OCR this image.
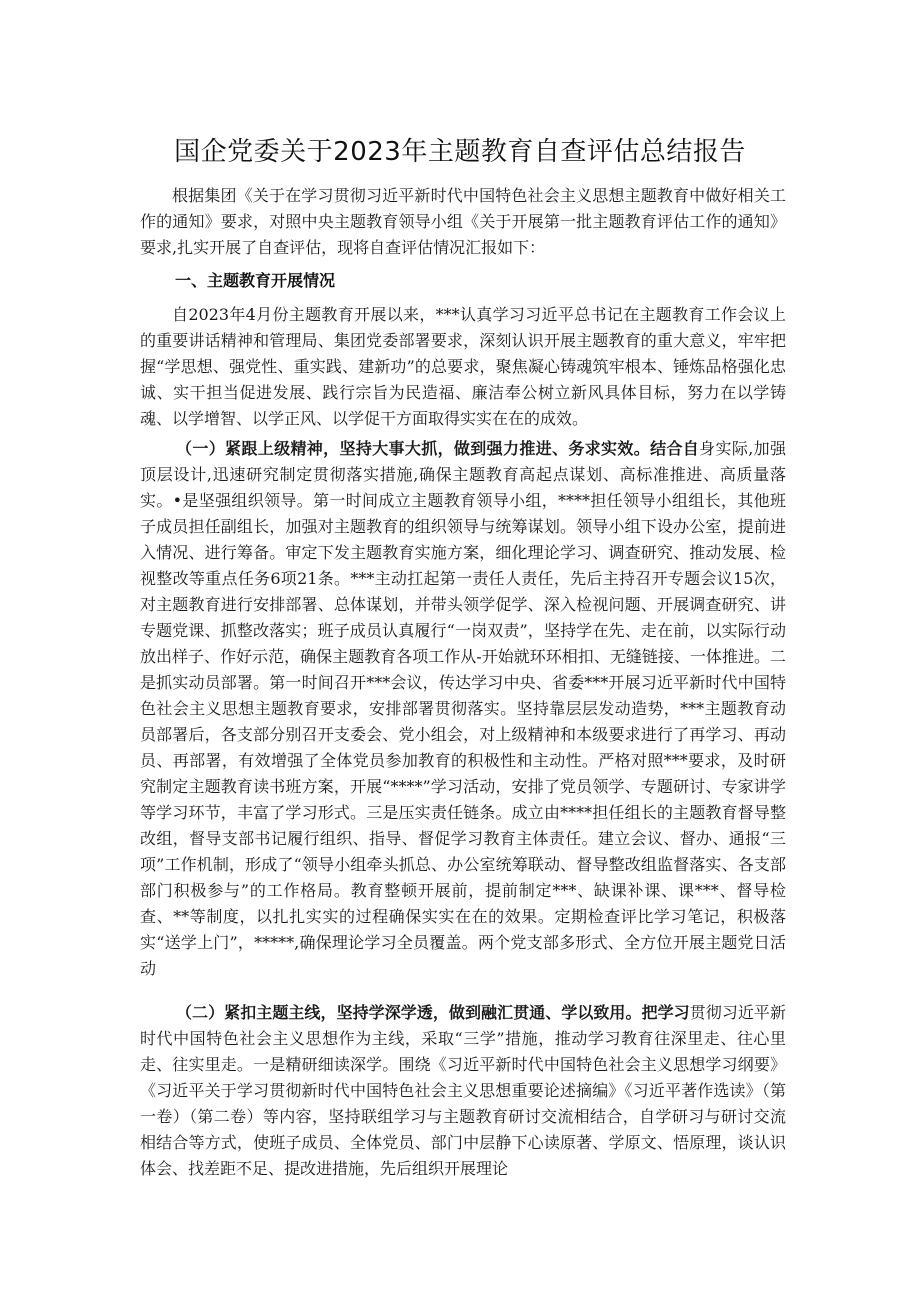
国企党委关于2023年主题教育自查评估总结报告

根据集团《关于在学习贯彻习近平新时代中国特色社会主义思想主题教育中做好相关工作的通知》要求，对照中央主题教育领导小组《关于开展第一批主题教育评估工作的通知》要求,扎实开展了自查评估，现将自查评估情况汇报如下：

一、主题教育开展情况

自2023年4月份主题教育开展以来，***认真学习习近平总书记在主题教育工作会议上的重要讲话精神和管理局、集团党委部署要求，深刻认识开展主题教育的重大意义，牢牢把握“学思想、强党性、重实践、建新功”的总要求，聚焦凝心铸魂筑牢根本、锤炼品格强化忠诚、实干担当促进发展、践行宗旨为民造福、廉洁奉公树立新风具体目标，努力在以学铸魂、以学增智、以学正风、以学促干方面取得实实在在的成效。

（一）紧跟上级精神，坚持大事大抓，做到强力推进、务求实效。结合自身实际,加强顶层设计,迅速研究制定贯彻落实措施,确保主题教育高起点谋划、高标准推进、高质量落实。•是坚强组织领导。第一时间成立主题教育领导小组，****担任领导小组组长，其他班子成员担任副组长，加强对主题教育的组织领导与统筹谋划。领导小组下设办公室，提前进入情况、进行筹备。审定下发主题教育实施方案，细化理论学习、调查研究、推动发展、检视整改等重点任务6项21条。***主动扛起第一责任人责任，先后主持召开专题会议15次，对主题教育进行安排部署、总体谋划，并带头领学促学、深入检视问题、开展调查研究、讲专题党课、抓整改落实；班子成员认真履行“一岗双责”，坚持学在先、走在前，以实际行动放出样子、作好示范，确保主题教育各项工作从-开始就环环相扣、无缝链接、一体推进。二是抓实动员部署。第一时间召开***会议，传达学习中央、省委***开展习近平新时代中国特色社会主义思想主题教育要求，安排部署贯彻落实。坚持靠层层发动造势，***主题教育动员部署后，各支部分别召开支委会、党小组会，对上级精神和本级要求进行了再学习、再动员、再部署，有效增强了全体党员参加教育的积极性和主动性。严格对照***要求，及时研究制定主题教育读书班方案，开展“****”学习活动，安排了党员领学、专题研讨、专家讲学等学习环节，丰富了学习形式。三是压实责任链条。成立由****担任组长的主题教育督导整改组，督导支部书记履行组织、指导、督促学习教育主体责任。建立会议、督办、通报“三项”工作机制，形成了“领导小组牵头抓总、办公室统筹联动、督导整改组监督落实、各支部部门积极参与”的工作格局。教育整顿开展前，提前制定***、缺课补课、课***、督导检查、**等制度，以扎扎实实的过程确保实实在在的效果。定期检查评比学习笔记，积极落实“送学上门”，*****,确保理论学习全员覆盖。两个党支部多形式、全方位开展主题党日活动

（二）紧扣主题主线，坚持学深学透，做到融汇贯通、学以致用。把学习贯彻习近平新时代中国特色社会主义思想作为主线，采取“三学”措施，推动学习教育往深里走、往心里走、往实里走。一是精研细读深学。围绕《习近平新时代中国特色社会主义思想学习纲要》《习近平关于学习贯彻新时代中国特色社会主义思想重要论述摘编》《习近平著作选读》（第一卷）（第二卷）等内容，坚持联组学习与主题教育研讨交流相结合，自学研习与研讨交流相结合等方式，使班子成员、全体党员、部门中层静下心读原著、学原文、悟原理，谈认识体会、找差距不足、提改进措施，先后组织开展理论
